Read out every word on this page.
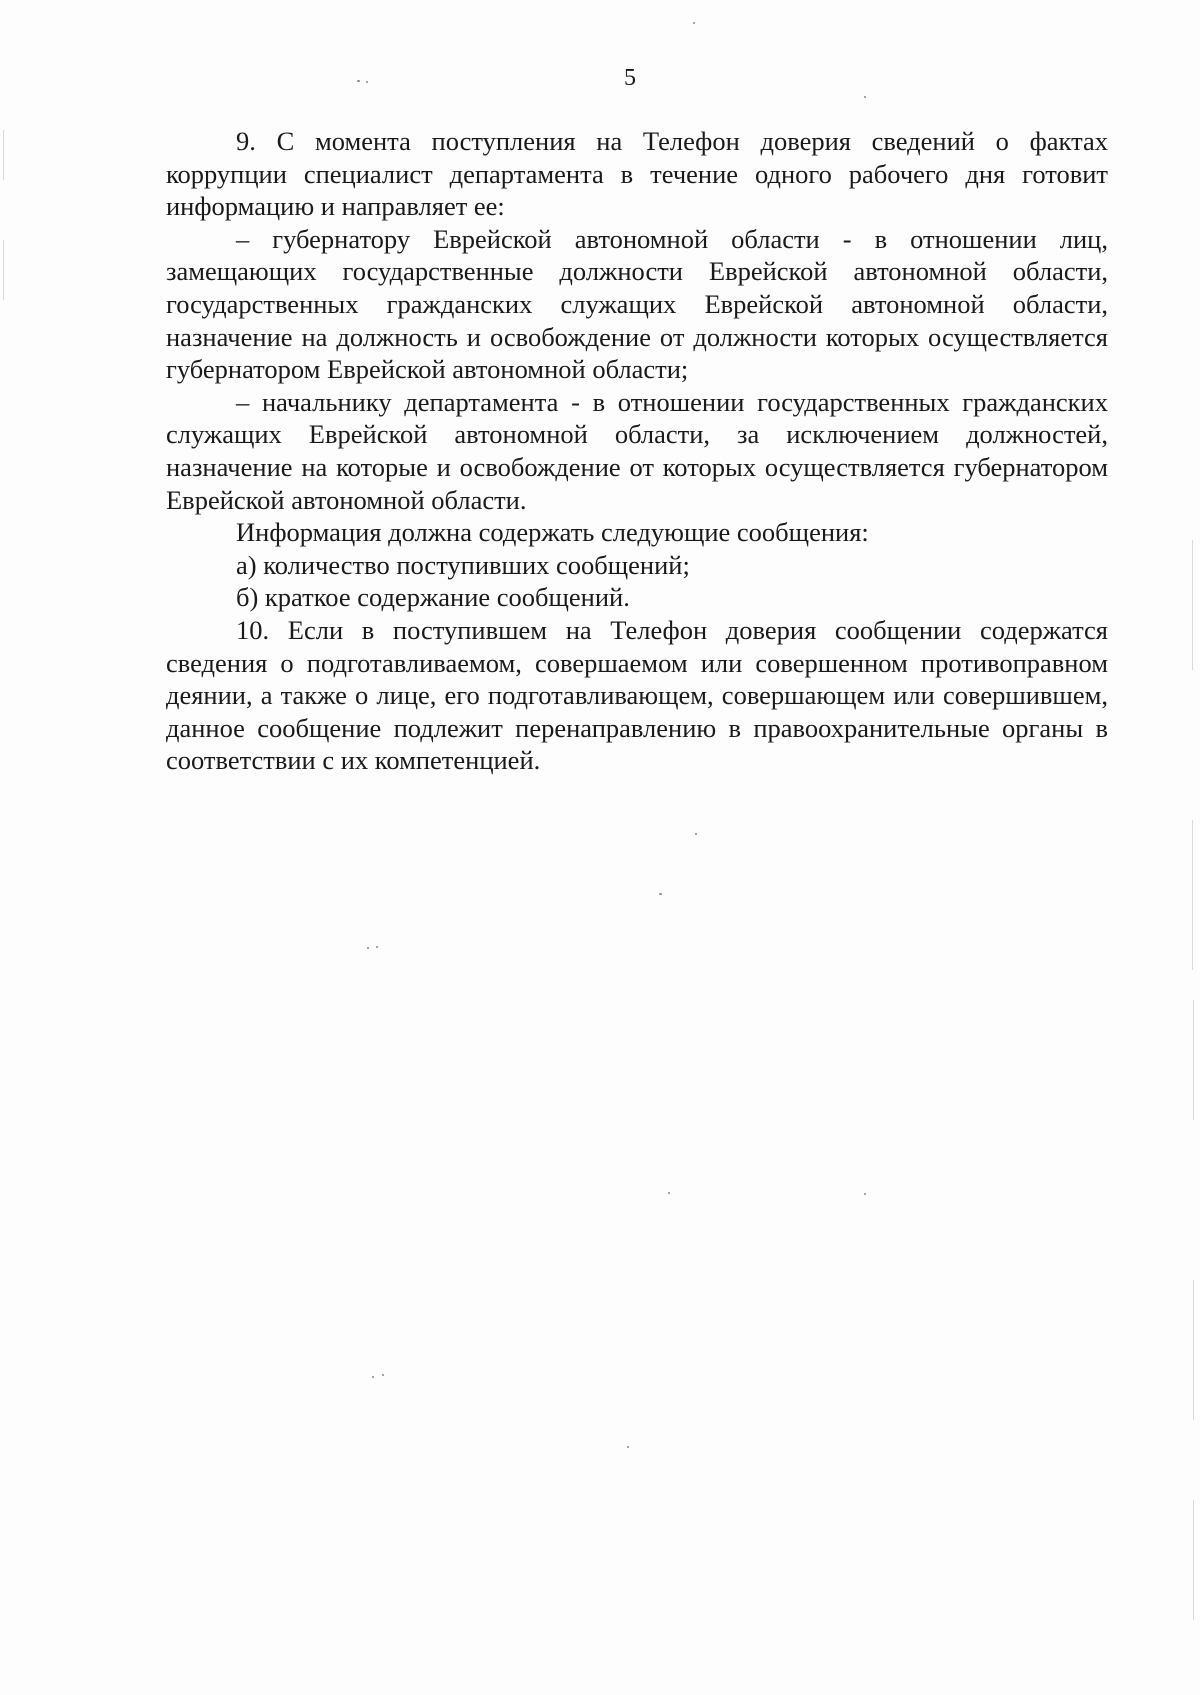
5

9. С момента поступления на Телефон доверия сведений о фактах коррупции специалист департамента в течение одного рабочего дня готовит информацию и направляет ее:

– губернатору Еврейской автономной области - в отношении лиц, замещающих государственные должности Еврейской автономной области, государственных гражданских служащих Еврейской автономной области, назначение на должность и освобождение от должности которых осуществляется губернатором Еврейской автономной области;

– начальнику департамента - в отношении государственных гражданских служащих Еврейской автономной области, за исключением должностей, назначение на которые и освобождение от которых осуществляется губернатором Еврейской автономной области.

Информация должна содержать следующие сообщения:

а) количество поступивших сообщений;

б) краткое содержание сообщений.

10. Если в поступившем на Телефон доверия сообщении содержатся сведения о подготавливаемом, совершаемом или совершенном противоправном деянии, а также о лице, его подготавливающем, совершающем или совершившем, данное сообщение подлежит перенаправлению в правоохранительные органы в соответствии с их компетенцией.
